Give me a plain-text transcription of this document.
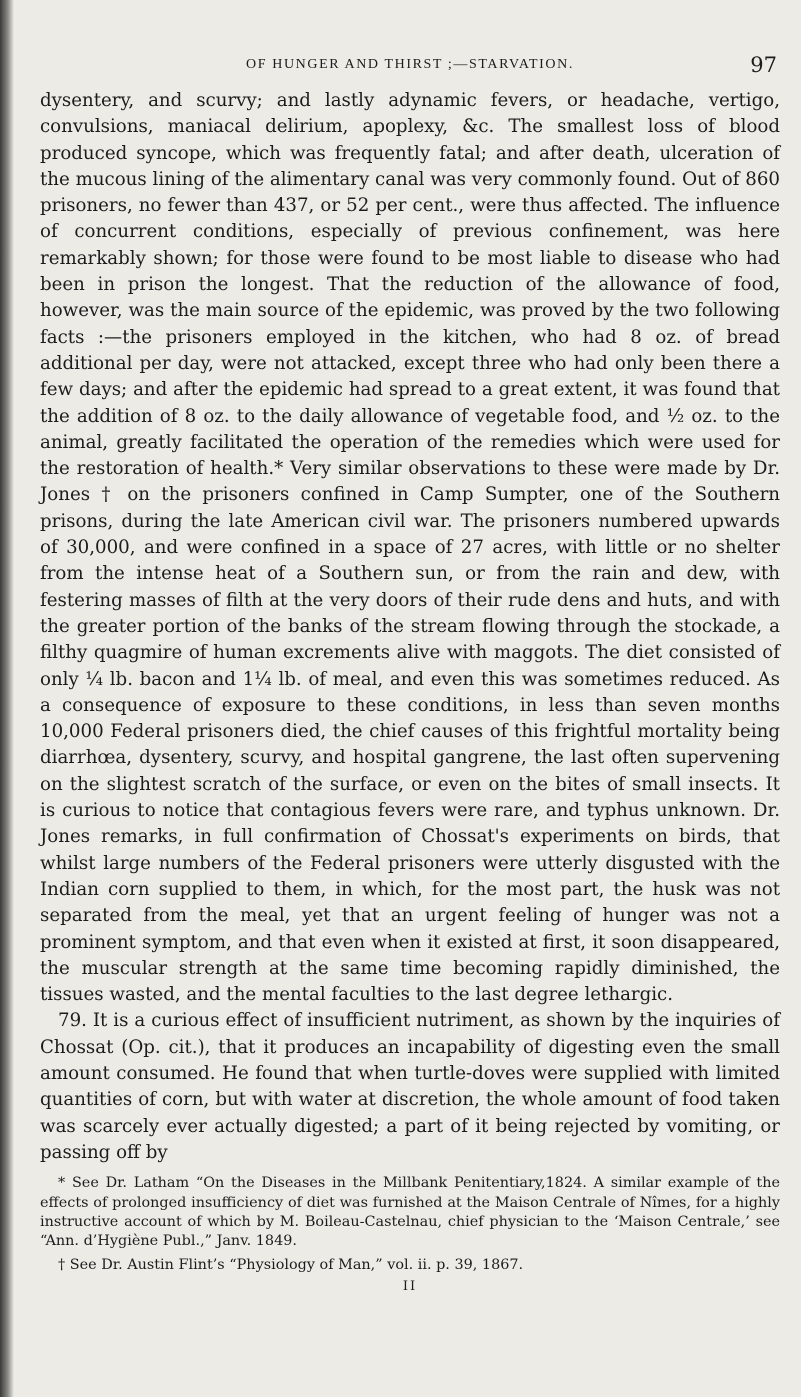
OF HUNGER AND THIRST ;—STARVATION.	97

dysentery, and scurvy; and lastly adynamic fevers, or headache, vertigo, convulsions, maniacal delirium, apoplexy, &c. The smallest loss of blood produced syncope, which was frequently fatal; and after death, ulceration of the mucous lining of the alimentary canal was very commonly found. Out of 860 prisoners, no fewer than 437, or 52 per cent., were thus affected. The influence of concurrent conditions, especially of previous confinement, was here remarkably shown; for those were found to be most liable to disease who had been in prison the longest. That the reduction of the allowance of food, however, was the main source of the epidemic, was proved by the two following facts :—the prisoners employed in the kitchen, who had 8 oz. of bread additional per day, were not attacked, except three who had only been there a few days; and after the epidemic had spread to a great extent, it was found that the addition of 8 oz. to the daily allowance of vegetable food, and ½ oz. to the animal, greatly facilitated the operation of the remedies which were used for the restoration of health.* Very similar observations to these were made by Dr. Jones † on the prisoners confined in Camp Sumpter, one of the Southern prisons, during the late American civil war. The prisoners numbered upwards of 30,000, and were confined in a space of 27 acres, with little or no shelter from the intense heat of a Southern sun, or from the rain and dew, with festering masses of filth at the very doors of their rude dens and huts, and with the greater portion of the banks of the stream flowing through the stockade, a filthy quagmire of human excrements alive with maggots. The diet consisted of only ¼ lb. bacon and 1¼ lb. of meal, and even this was sometimes reduced. As a consequence of exposure to these conditions, in less than seven months 10,000 Federal prisoners died, the chief causes of this frightful mortality being diarrhœa, dysentery, scurvy, and hospital gangrene, the last often supervening on the slightest scratch of the surface, or even on the bites of small insects. It is curious to notice that contagious fevers were rare, and typhus unknown. Dr. Jones remarks, in full confirmation of Chossat's experiments on birds, that whilst large numbers of the Federal prisoners were utterly disgusted with the Indian corn supplied to them, in which, for the most part, the husk was not separated from the meal, yet that an urgent feeling of hunger was not a prominent symptom, and that even when it existed at first, it soon disappeared, the muscular strength at the same time becoming rapidly diminished, the tissues wasted, and the mental faculties to the last degree lethargic.

79. It is a curious effect of insufficient nutriment, as shown by the inquiries of Chossat (Op. cit.), that it produces an incapability of digesting even the small amount consumed. He found that when turtle-doves were supplied with limited quantities of corn, but with water at discretion, the whole amount of food taken was scarcely ever actually digested; a part of it being rejected by vomiting, or passing off by

* See Dr. Latham “On the Diseases in the Millbank Penitentiary,1824. A similar example of the effects of prolonged insufficiency of diet was furnished at the Maison Centrale of Nîmes, for a highly instructive account of which by M. Boileau-Castelnau, chief physician to the ‘Maison Centrale,’ see “Ann. d’Hygiène Publ.,” Janv. 1849.

† See Dr. Austin Flint’s “Physiology of Man,” vol. ii. p. 39, 1867.

II
